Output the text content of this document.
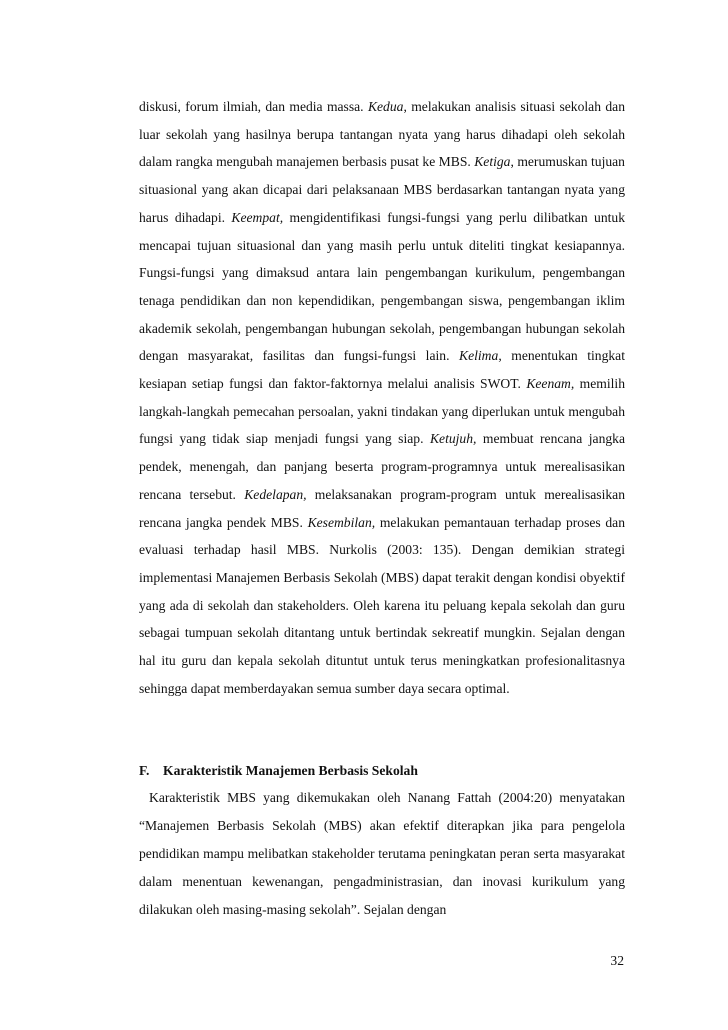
diskusi, forum ilmiah, dan media massa. Kedua, melakukan analisis situasi sekolah dan luar sekolah yang hasilnya berupa tantangan nyata yang harus dihadapi oleh sekolah dalam rangka mengubah manajemen berbasis pusat ke MBS. Ketiga, merumuskan tujuan situasional yang akan dicapai dari pelaksanaan MBS berdasarkan tantangan nyata yang harus dihadapi. Keempat, mengidentifikasi fungsi-fungsi yang perlu dilibatkan untuk mencapai tujuan situasional dan yang masih perlu untuk diteliti tingkat kesiapannya. Fungsi-fungsi yang dimaksud antara lain pengembangan kurikulum, pengembangan tenaga pendidikan dan non kependidikan, pengembangan siswa, pengembangan iklim akademik sekolah, pengembangan hubungan sekolah, pengembangan hubungan sekolah dengan masyarakat, fasilitas dan fungsi-fungsi lain. Kelima, menentukan tingkat kesiapan setiap fungsi dan faktor-faktornya melalui analisis SWOT. Keenam, memilih langkah-langkah pemecahan persoalan, yakni tindakan yang diperlukan untuk mengubah fungsi yang tidak siap menjadi fungsi yang siap. Ketujuh, membuat rencana jangka pendek, menengah, dan panjang beserta program-programnya untuk merealisasikan rencana tersebut. Kedelapan, melaksanakan program-program untuk merealisasikan rencana jangka pendek MBS. Kesembilan, melakukan pemantauan terhadap proses dan evaluasi terhadap hasil MBS. Nurkolis (2003: 135). Dengan demikian strategi implementasi Manajemen Berbasis Sekolah (MBS) dapat terakit dengan kondisi obyektif yang ada di sekolah dan stakeholders. Oleh karena itu peluang kepala sekolah dan guru sebagai tumpuan sekolah ditantang untuk bertindak sekreatif mungkin. Sejalan dengan hal itu guru dan kepala sekolah dituntut untuk terus meningkatkan profesionalitasnya sehingga dapat memberdayakan semua sumber daya secara optimal.

F. Karakteristik Manajemen Berbasis Sekolah

Karakteristik MBS yang dikemukakan oleh Nanang Fattah (2004:20) menyatakan “Manajemen Berbasis Sekolah (MBS) akan efektif diterapkan jika para pengelola pendidikan mampu melibatkan stakeholder terutama peningkatan peran serta masyarakat dalam menentuan kewenangan, pengadministrasian, dan inovasi kurikulum yang dilakukan oleh masing-masing sekolah”. Sejalan dengan

32
